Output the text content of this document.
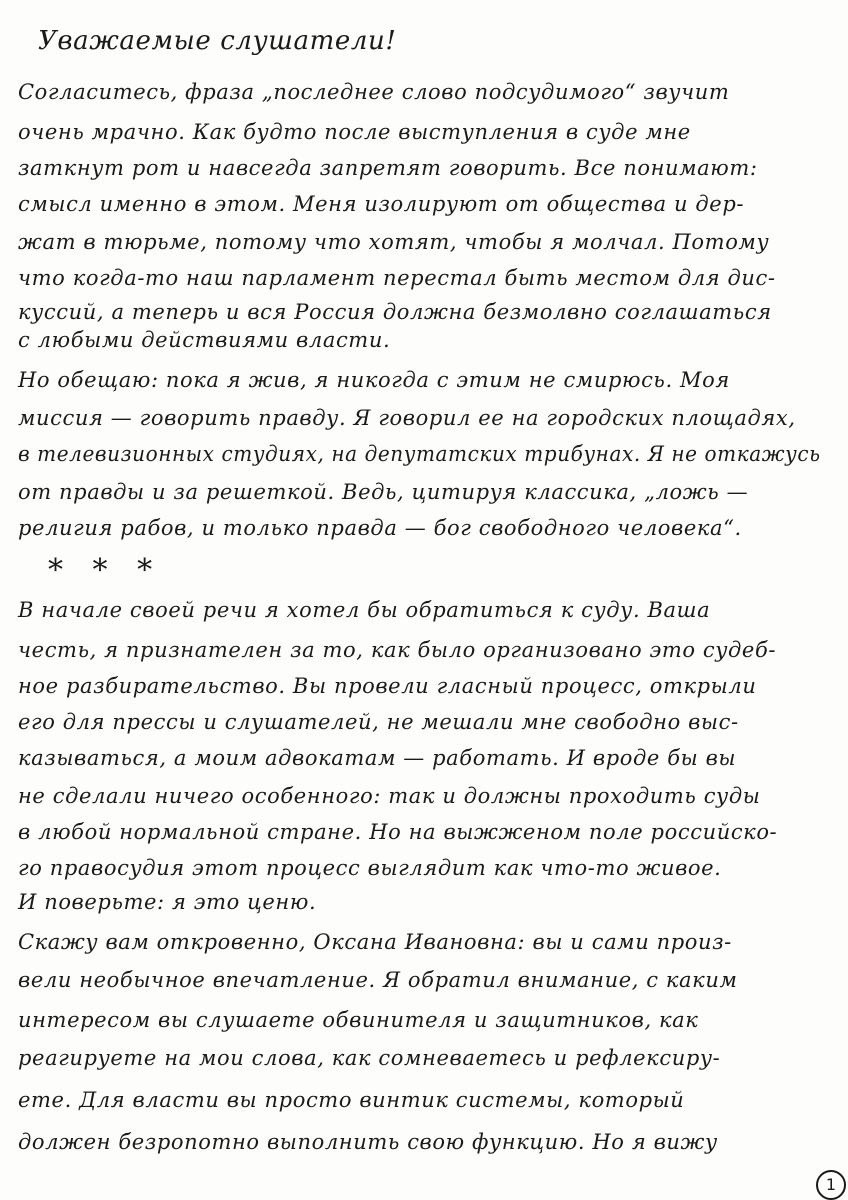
Уважаемые слушатели!
Согласитесь, фраза „последнее слово подсудимого“ звучит
очень мрачно. Как будто после выступления в суде мне
заткнут рот и навсегда запретят говорить. Все понимают:
смысл именно в этом. Меня изолируют от общества и дер-
жат в тюрьме, потому что хотят, чтобы я молчал. Потому
что когда-то наш парламент перестал быть местом для дис-
куссий, а теперь и вся Россия должна безмолвно соглашаться
с любыми действиями власти.
Но обещаю: пока я жив, я никогда с этим не смирюсь. Моя
миссия — говорить правду. Я говорил ее на городских площадях,
в телевизионных студиях, на депутатских трибунах. Я не откажусь
от правды и за решеткой. Ведь, цитируя классика, „ложь —
религия рабов, и только правда — бог свободного человека“.
* * *
В начале своей речи я хотел бы обратиться к суду. Ваша
честь, я признателен за то, как было организовано это судеб-
ное разбирательство. Вы провели гласный процесс, открыли
его для прессы и слушателей, не мешали мне свободно выс-
казываться, а моим адвокатам — работать. И вроде бы вы
не сделали ничего особенного: так и должны проходить суды
в любой нормальной стране. Но на выжженом поле российско-
го правосудия этот процесс выглядит как что-то живое.
И поверьте: я это ценю.
Скажу вам откровенно, Оксана Ивановна: вы и сами произ-
вели необычное впечатление. Я обратил внимание, с каким
интересом вы слушаете обвинителя и защитников, как
реагируете на мои слова, как сомневаетесь и рефлексиру-
ете. Для власти вы просто винтик системы, который
должен безропотно выполнить свою функцию. Но я вижу
1
